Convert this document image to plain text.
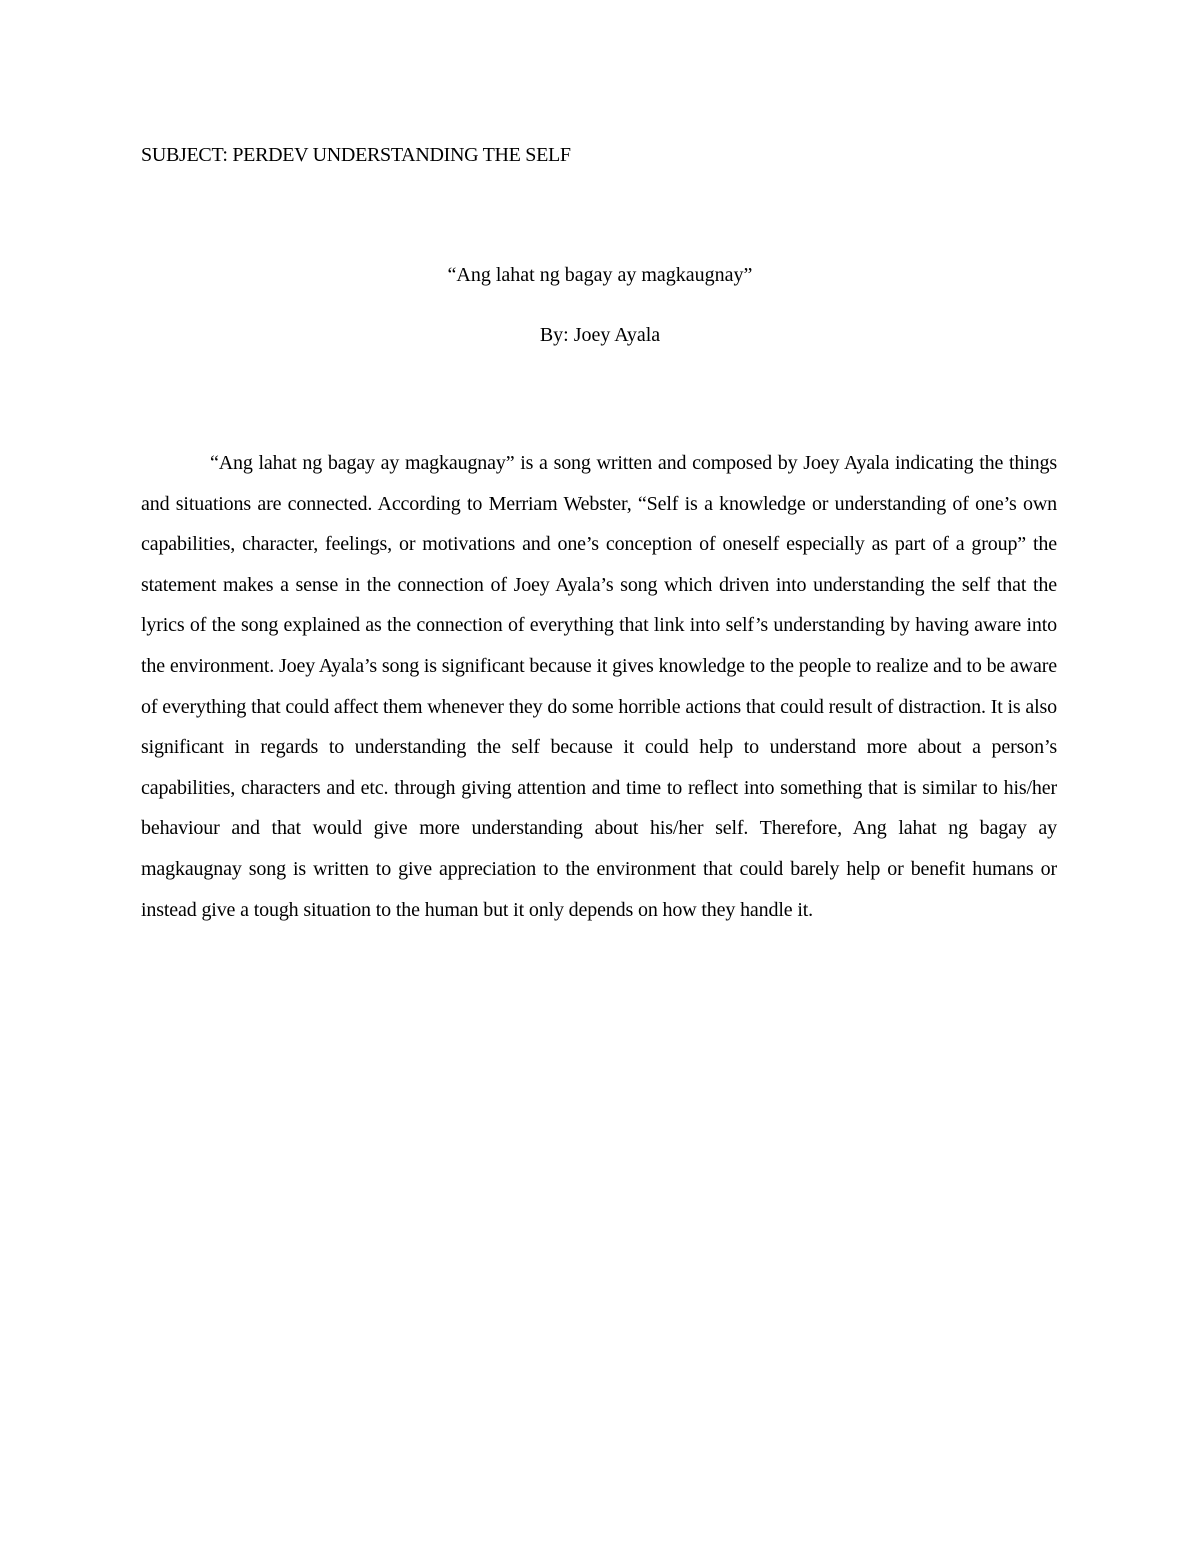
SUBJECT: PERDEV UNDERSTANDING THE SELF
“Ang lahat ng bagay ay magkaugnay”
By: Joey Ayala

“Ang lahat ng bagay ay magkaugnay” is a song written and composed by Joey Ayala indicating the things and situations are connected. According to Merriam Webster, “Self is a knowledge or understanding of one’s own capabilities, character, feelings, or motivations and one’s conception of oneself especially as part of a group” the statement makes a sense in the connection of Joey Ayala’s song which driven into understanding the self that the lyrics of the song explained as the connection of everything that link into self’s understanding by having aware into the environment. Joey Ayala’s song is significant because it gives knowledge to the people to realize and to be aware of everything that could affect them whenever they do some horrible actions that could result of distraction. It is also significant in regards to understanding the self because it could help to understand more about a person’s capabilities, characters and etc. through giving attention and time to reflect into something that is similar to his/her behaviour and that would give more understanding about his/her self. Therefore, Ang lahat ng bagay ay magkaugnay song is written to give appreciation to the environment that could barely help or benefit humans or instead give a tough situation to the human but it only depends on how they handle it.
